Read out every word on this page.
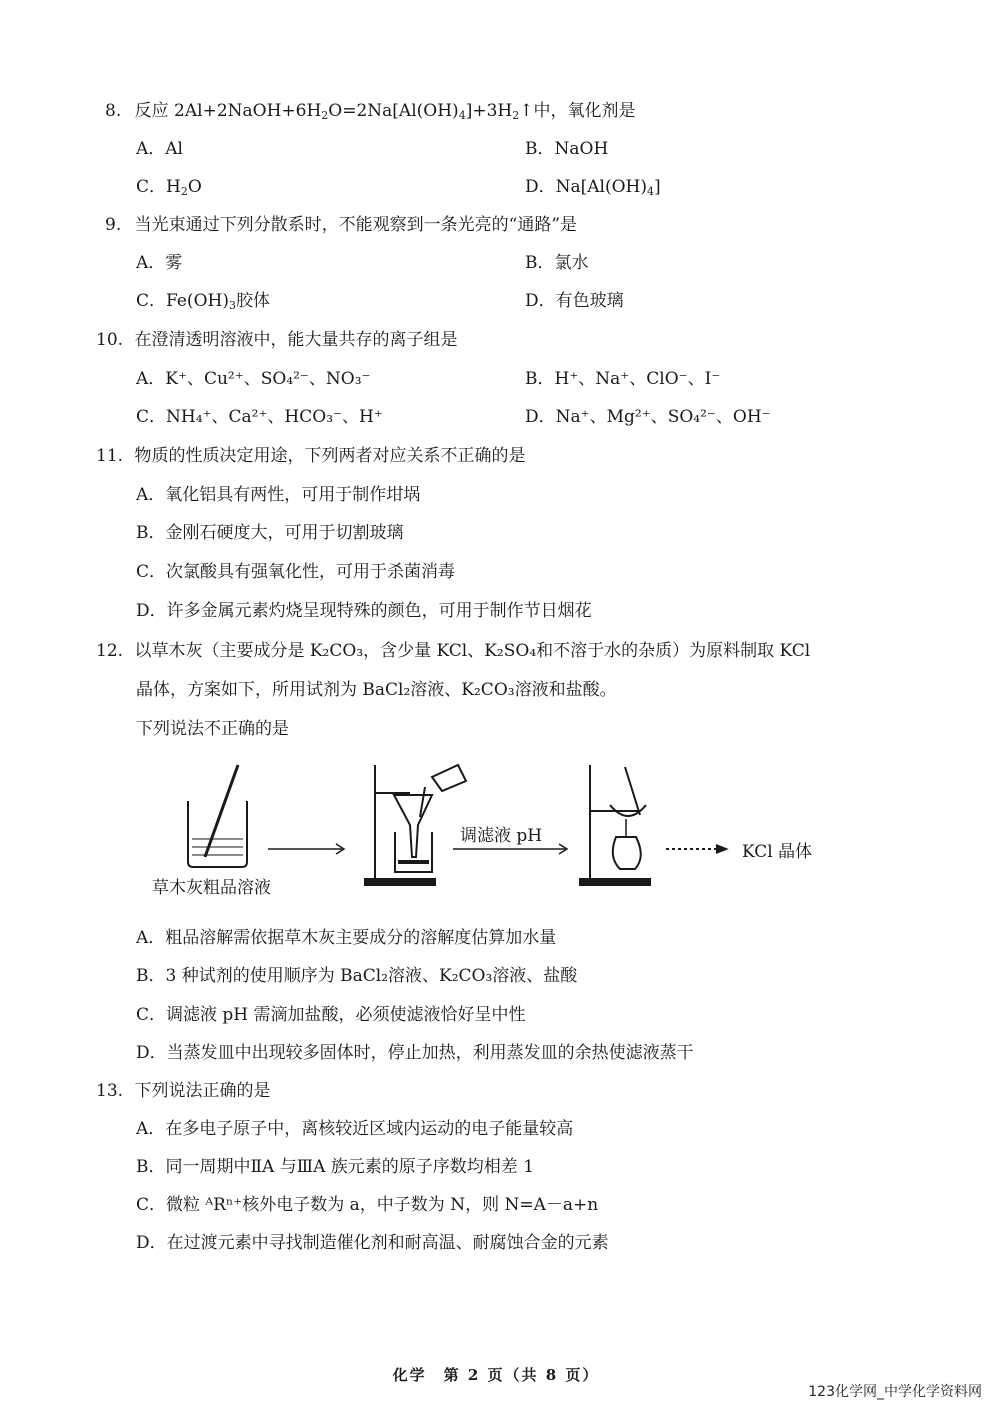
8. 反应 $2Al+2NaOH+6H_2O=2Na[Al(OH)_4]+3H_2↑$中，氧化剂是
A．Al	B．NaOH
C．$H_2O$	D．$Na[Al(OH)_4]$
9. 当光束通过下列分散系时，不能观察到一条光亮的“通路”是
A．雾	B．氯水
C．$Fe(OH)_3$胶体	D．有色玻璃
10. 在澄清透明溶液中，能大量共存的离子组是
A．K⁺、Cu²⁺、SO₄²⁻、NO₃⁻	B．H⁺、Na⁺、ClO⁻、I⁻
C．NH₄⁺、Ca²⁺、HCO₃⁻、H⁺	D．Na⁺、Mg²⁺、SO₄²⁻、OH⁻
11. 物质的性质决定用途，下列两者对应关系不正确的是
A．氧化铝具有两性，可用于制作坩埚
B．金刚石硬度大，可用于切割玻璃
C．次氯酸具有强氧化性，可用于杀菌消毒
D．许多金属元素灼烧呈现特殊的颜色，可用于制作节日烟花
12. 以草木灰（主要成分是 K₂CO₃，含少量 KCl、K₂SO₄和不溶于水的杂质）为原料制取 KCl
晶体，方案如下，所用试剂为 BaCl₂溶液、K₂CO₃溶液和盐酸。
下列说法不正确的是
草木灰粗品溶液
调滤液 pH
KCl 晶体
A．粗品溶解需依据草木灰主要成分的溶解度估算加水量
B．3 种试剂的使用顺序为 BaCl₂溶液、K₂CO₃溶液、盐酸
C．调滤液 pH 需滴加盐酸，必须使滤液恰好呈中性
D．当蒸发皿中出现较多固体时，停止加热，利用蒸发皿的余热使滤液蒸干
13. 下列说法正确的是
A．在多电子原子中，离核较近区域内运动的电子能量较高
B．同一周期中ⅡA 与ⅢA 族元素的原子序数均相差 1
C．微粒 ᴬRⁿ⁺核外电子数为 a，中子数为 N，则 N=A－a+n
D．在过渡元素中寻找制造催化剂和耐高温、耐腐蚀合金的元素
化学　第 2 页（共 8 页）
123化学网_中学化学资料网
